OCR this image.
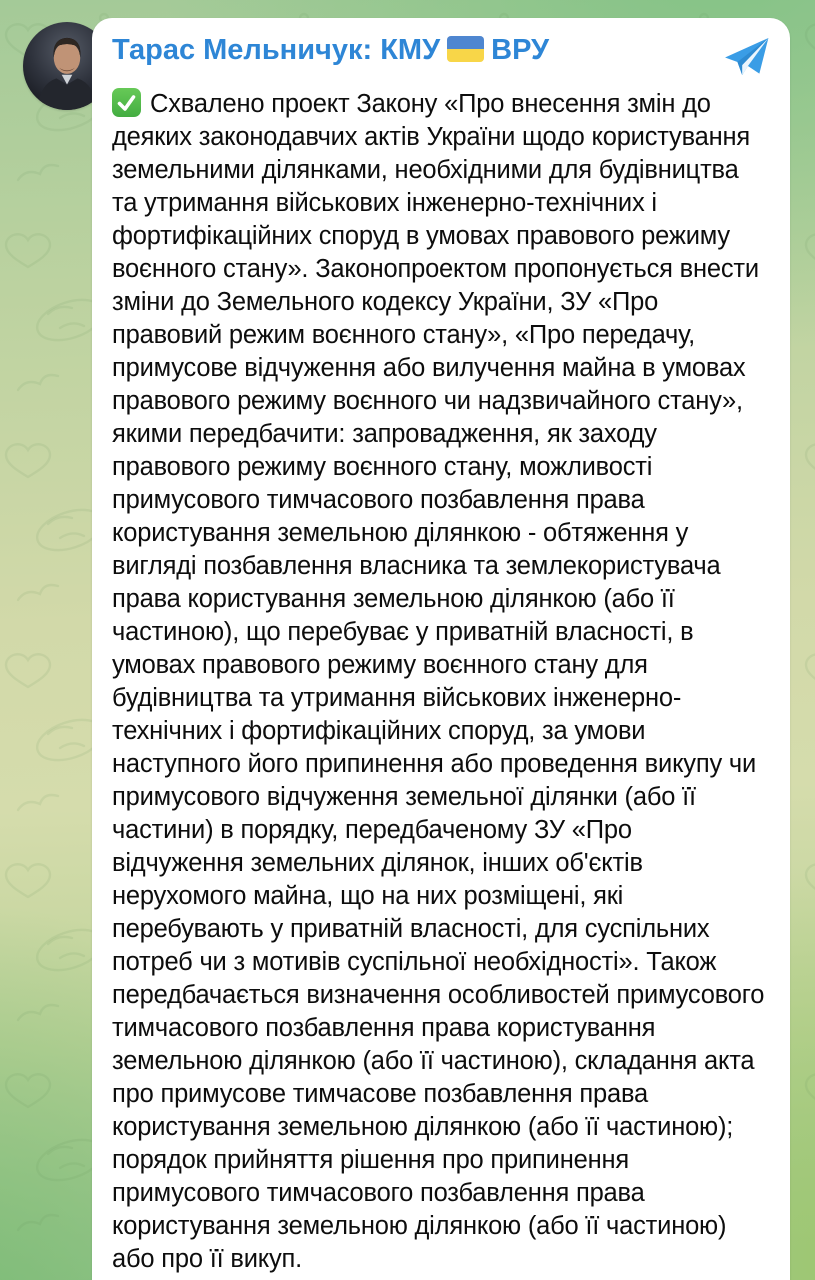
Тарас Мельничук: КМУ ВРУ
Схвалено проект Закону «Про внесення змін до деяких законодавчих актів України щодо користування земельними ділянками, необхідними для будівництва та утримання військових інженерно-технічних і фортифікаційних споруд в умовах правового режиму воєнного стану». Законопроектом пропонується внести зміни до Земельного кодексу України, ЗУ «Про правовий режим воєнного стану», «Про передачу, примусове відчуження або вилучення майна в умовах правового режиму воєнного чи надзвичайного стану», якими передбачити: запровадження, як заходу правового режиму воєнного стану, можливості примусового тимчасового позбавлення права користування земельною ділянкою - обтяження у вигляді позбавлення власника та землекористувача права користування земельною ділянкою (або її частиною), що перебуває у приватній власності, в умовах правового режиму воєнного стану для будівництва та утримання військових інженерно-технічних і фортифікаційних споруд, за умови наступного його припинення або проведення викупу чи примусового відчуження земельної ділянки (або її частини) в порядку, передбаченому ЗУ «Про відчуження земельних ділянок, інших об'єктів нерухомого майна, що на них розміщені, які перебувають у приватній власності, для суспільних потреб чи з мотивів суспільної необхідності». Також передбачається визначення особливостей примусового тимчасового позбавлення права користування земельною ділянкою (або її частиною), складання акта про примусове тимчасове позбавлення права користування земельною ділянкою (або її частиною); порядок прийняття рішення про припинення примусового тимчасового позбавлення права користування земельною ділянкою (або її частиною) або про її викуп.
